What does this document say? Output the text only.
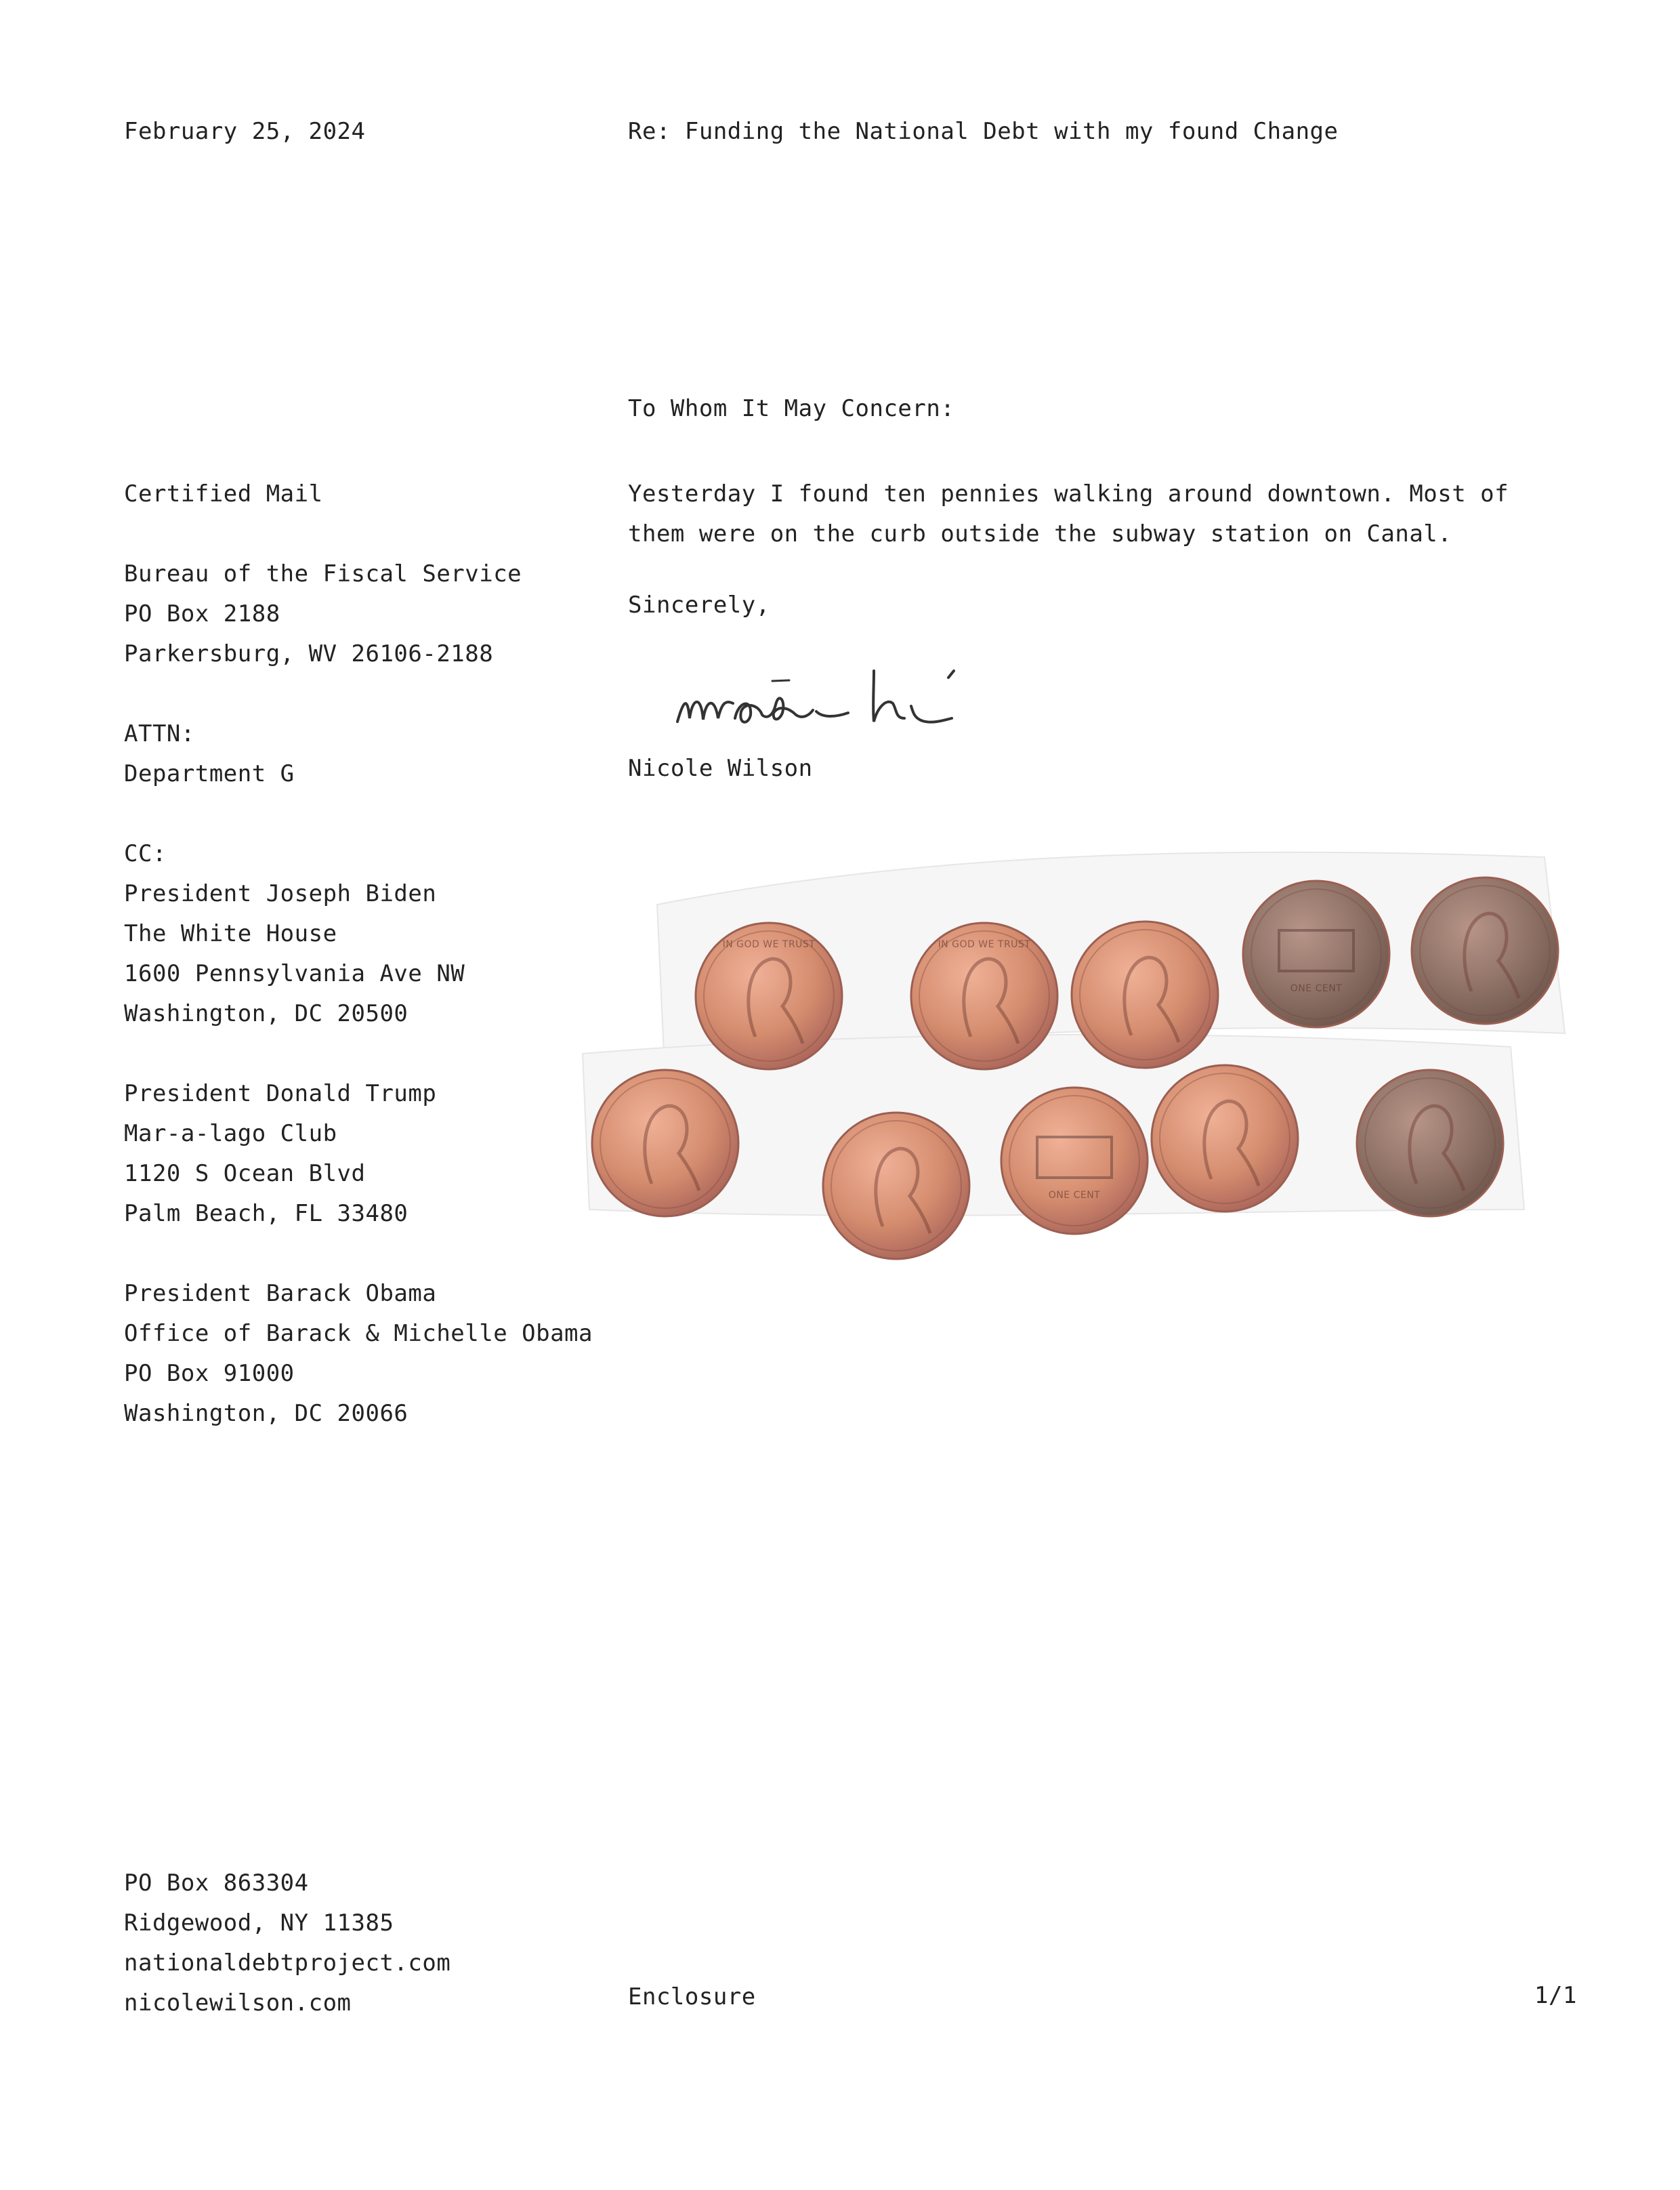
February 25, 2024	Re: Funding the National Debt with my found Change
Certified Mail
Bureau of the Fiscal Service
PO Box 2188
Parkersburg, WV 26106-2188
ATTN:
Department G
CC:
President Joseph Biden
The White House
1600 Pennsylvania Ave NW
Washington, DC 20500
President Donald Trump
Mar-a-lago Club
1120 S Ocean Blvd
Palm Beach, FL 33480
President Barack Obama
Office of Barack & Michelle Obama
PO Box 91000
Washington, DC 20066
To Whom It May Concern:
Yesterday I found ten pennies walking around downtown. Most of them were on the curb outside the subway station on Canal.
Sincerely,
Nicole Wilson
IN GOD WE TRUST	IN GOD WE TRUST
ONE CENT
ONE CENT
PO Box 863304
Ridgewood, NY 11385
nationaldebtproject.com
nicolewilson.com	Enclosure	1/1
